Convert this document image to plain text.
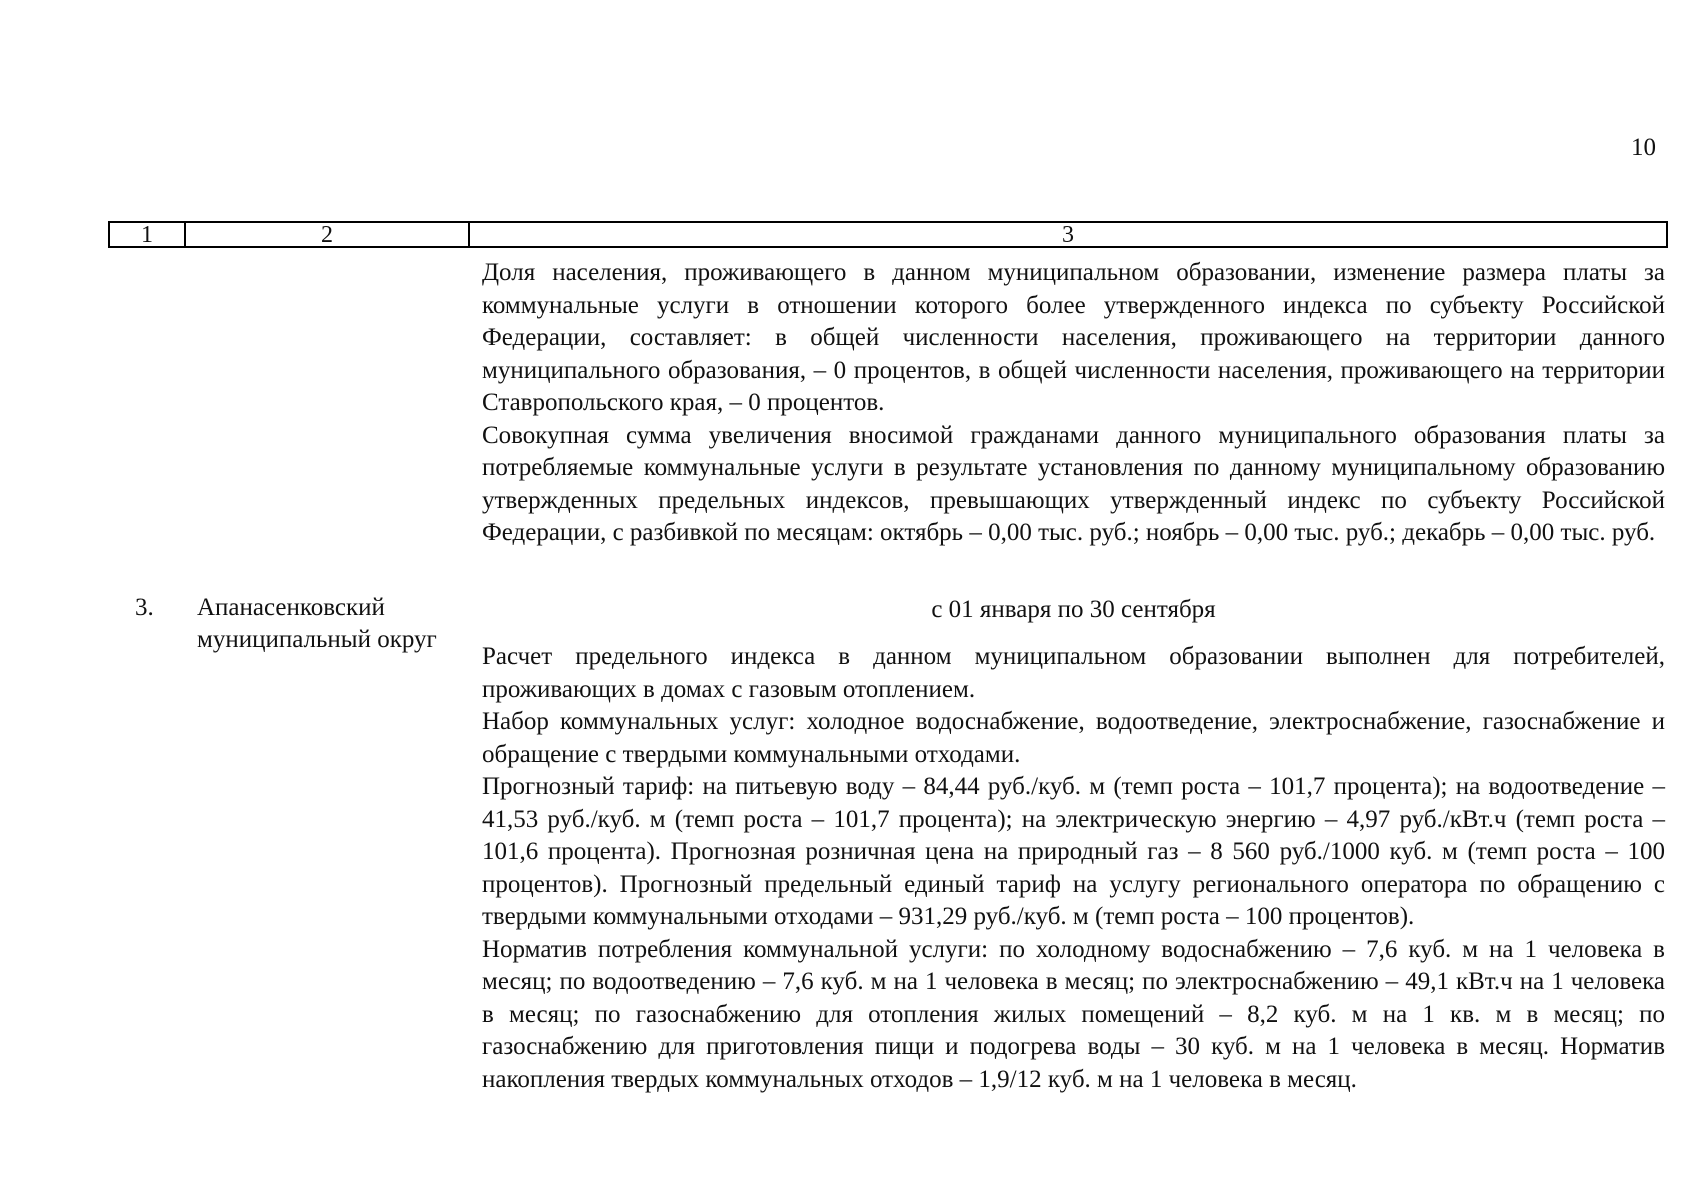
10
1	2	3

Доля населения, проживающего в данном муниципальном образовании, изменение размера платы за коммунальные услуги в отношении которого более утвержденного индекса по субъекту Российской Федерации, составляет: в общей численности населения, проживающего на территории данного муниципального образования, – 0 процентов, в общей численности населения, проживающего на территории Ставропольского края, – 0 процентов.

Совокупная сумма увеличения вносимой гражданами данного муниципального образования платы за потребляемые коммунальные услуги в результате установления по данному муниципальному образованию утвержденных предельных индексов, превышающих утвержденный индекс по субъекту Российской Федерации, с разбивкой по месяцам: октябрь – 0,00 тыс. руб.; ноябрь – 0,00 тыс. руб.; декабрь – 0,00 тыс. руб.

3. Апанасенковский муниципальный округ
с 01 января по 30 сентября

Расчет предельного индекса в данном муниципальном образовании выполнен для потребителей, проживающих в домах с газовым отоплением.

Набор коммунальных услуг: холодное водоснабжение, водоотведение, электроснабжение, газоснабжение и обращение с твердыми коммунальными отходами.

Прогнозный тариф: на питьевую воду – 84,44 руб./куб. м (темп роста – 101,7 процента); на водоотведение – 41,53 руб./куб. м (темп роста – 101,7 процента); на электрическую энергию – 4,97 руб./кВт.ч (темп роста – 101,6 процента). Прогнозная розничная цена на природный газ – 8 560 руб./1000 куб. м (темп роста – 100 процентов). Прогнозный предельный единый тариф на услугу регионального оператора по обращению с твердыми коммунальными отходами – 931,29 руб./куб. м (темп роста – 100 процентов).

Норматив потребления коммунальной услуги: по холодному водоснабжению – 7,6 куб. м на 1 человека в месяц; по водоотведению – 7,6 куб. м на 1 человека в месяц; по электроснабжению – 49,1 кВт.ч на 1 человека в месяц; по газоснабжению для отопления жилых помещений – 8,2 куб. м на 1 кв. м в месяц; по газоснабжению для приготовления пищи и подогрева воды – 30 куб. м на 1 человека в месяц. Норматив накопления твердых коммунальных отходов – 1,9/12 куб. м на 1 человека в месяц.
